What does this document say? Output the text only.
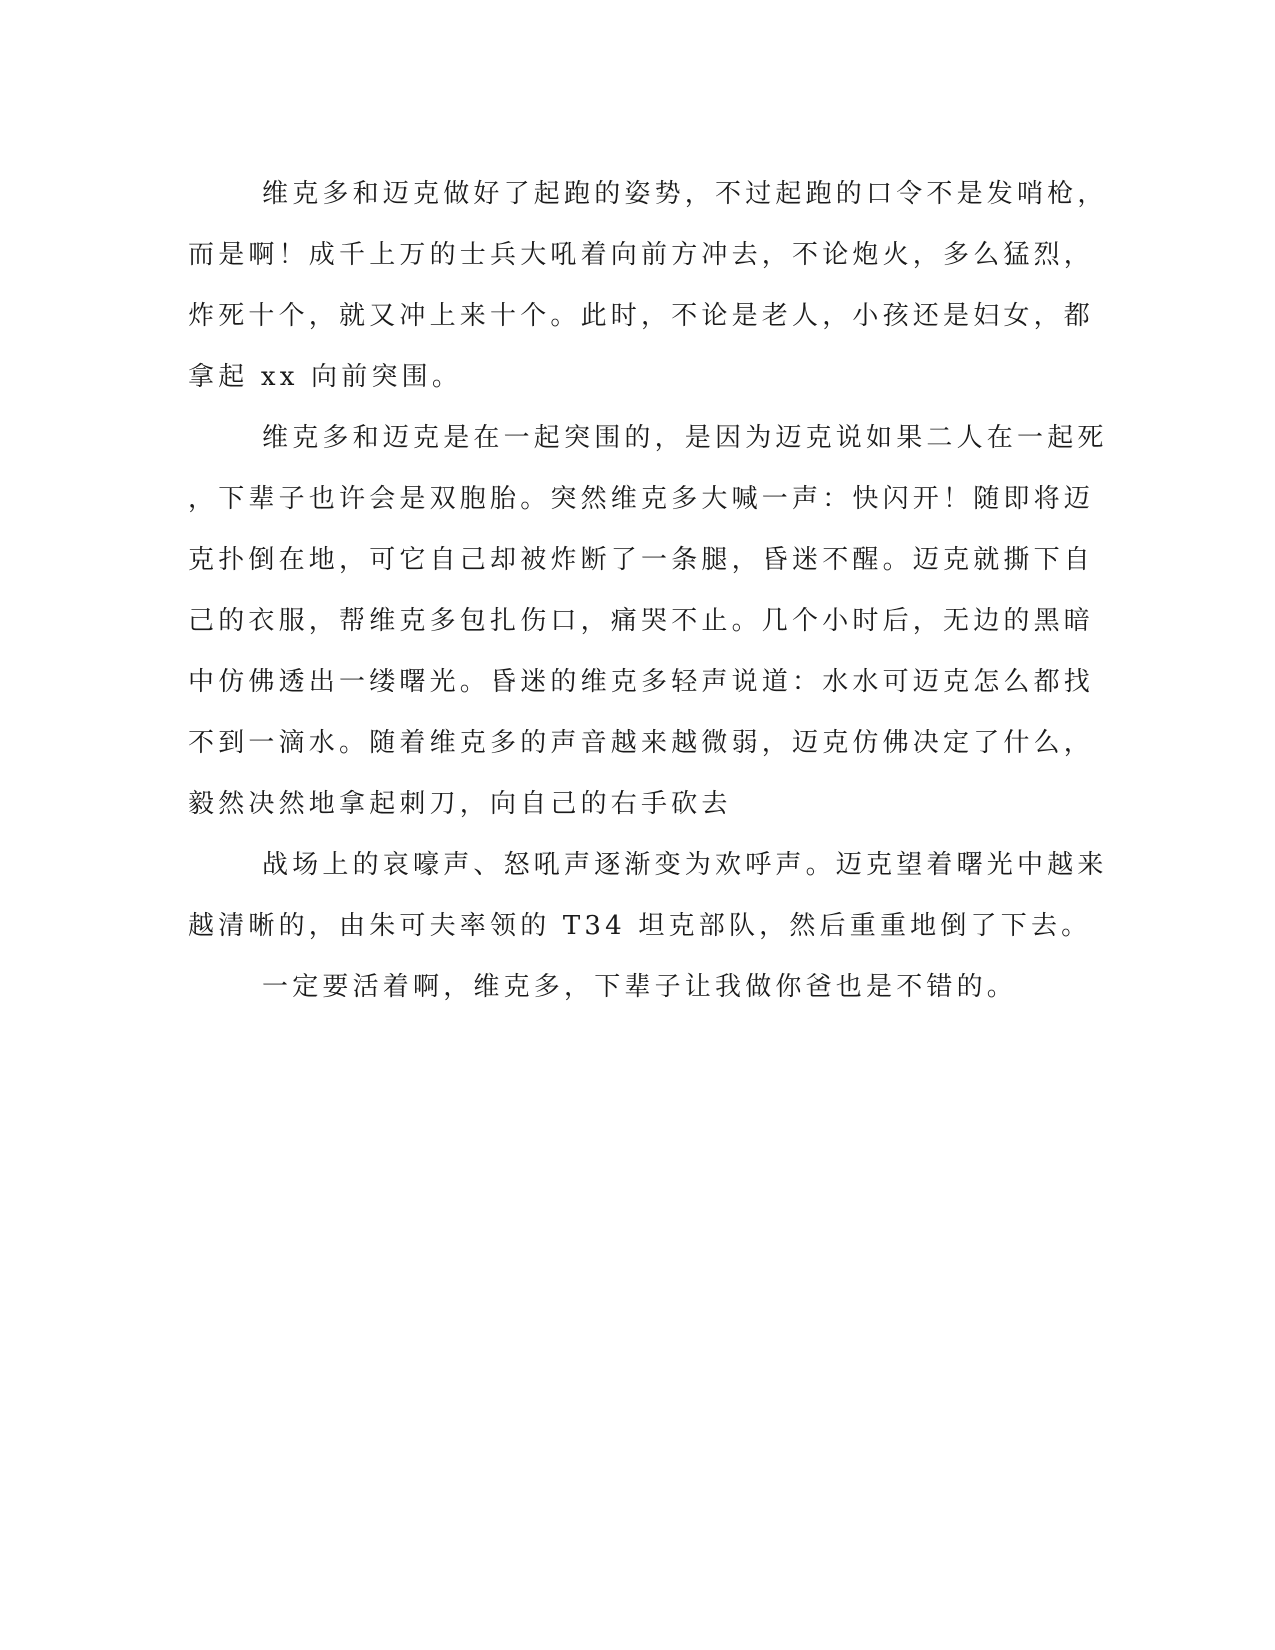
维克多和迈克做好了起跑的姿势，不过起跑的口令不是发哨枪，
而是啊！成千上万的士兵大吼着向前方冲去，不论炮火，多么猛烈，
炸死十个，就又冲上来十个。此时，不论是老人，小孩还是妇女，都
拿起 xx 向前突围。
维克多和迈克是在一起突围的，是因为迈克说如果二人在一起死
，下辈子也许会是双胞胎。突然维克多大喊一声：快闪开！随即将迈
克扑倒在地，可它自己却被炸断了一条腿，昏迷不醒。迈克就撕下自
己的衣服，帮维克多包扎伤口，痛哭不止。几个小时后，无边的黑暗
中仿佛透出一缕曙光。昏迷的维克多轻声说道：水水可迈克怎么都找
不到一滴水。随着维克多的声音越来越微弱，迈克仿佛决定了什么，
毅然决然地拿起刺刀，向自己的右手砍去
战场上的哀嚎声、怒吼声逐渐变为欢呼声。迈克望着曙光中越来
越清晰的，由朱可夫率领的 T34 坦克部队，然后重重地倒了下去。
一定要活着啊，维克多，下辈子让我做你爸也是不错的。
